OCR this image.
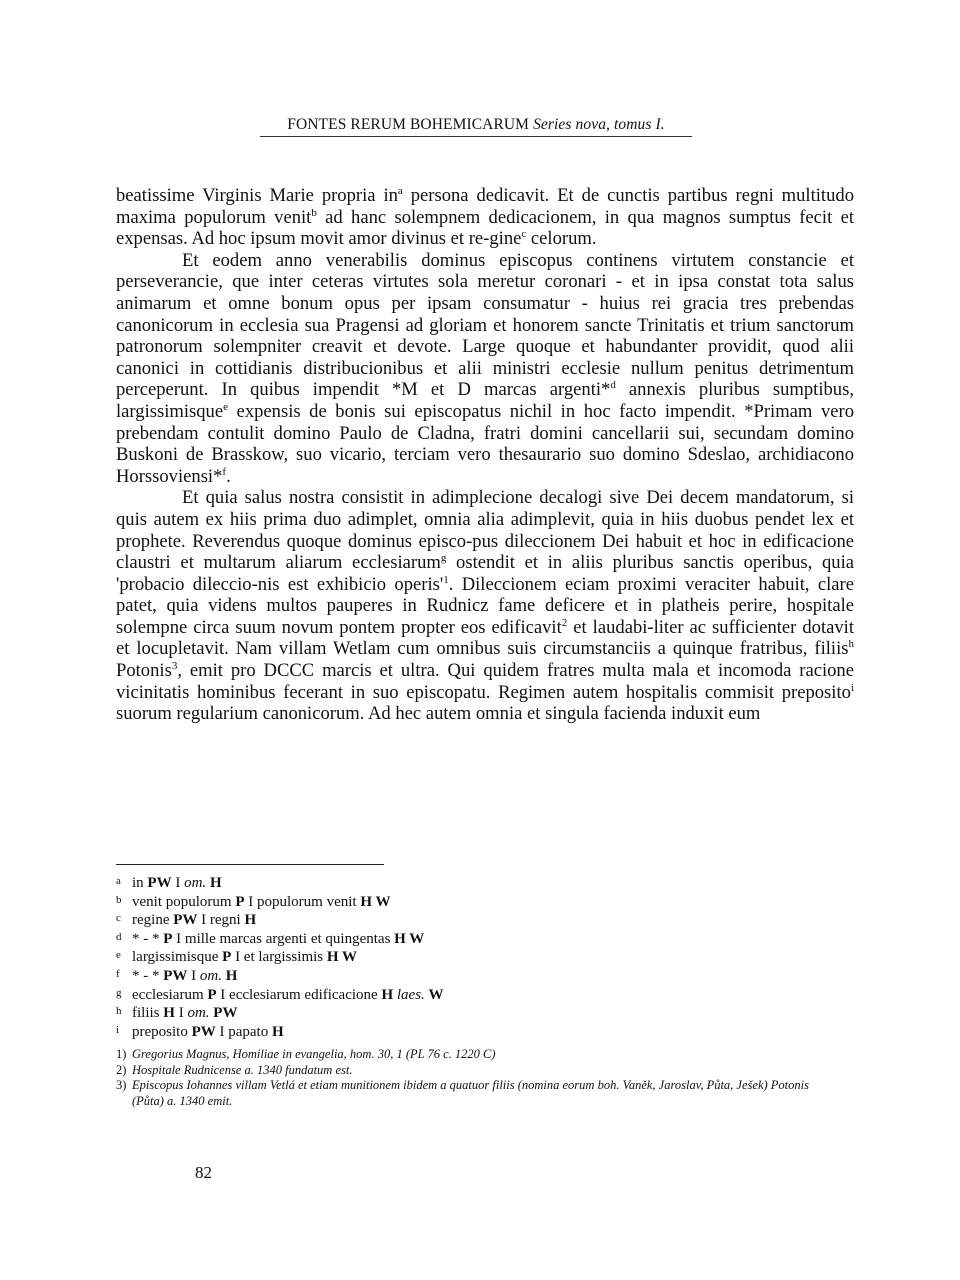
FONTES RERUM BOHEMICARUM Series nova, tomus I.

beatissime Virginis Marie propria $in^a$ persona dedicavit. Et de cunctis partibus regni multitudo maxima populorum venit$^b$ ad hanc solempnem dedicacionem, in qua magnos sumptus fecit et expensas. Ad hoc ipsum movit amor divinus et re-gine$^c$ celorum.

Et eodem anno venerabilis dominus episcopus continens virtutem constancie et perseverancie, que inter ceteras virtutes sola meretur coronari - et in ipsa constat tota salus animarum et omne bonum opus per ipsam consumatur - huius rei gracia tres prebendas canonicorum in ecclesia sua Pragensi ad gloriam et honorem sancte Trinitatis et trium sanctorum patronorum solempniter creavit et devote. Large quoque et habundanter providit, quod alii canonici in cottidianis distribucionibus et alii ministri ecclesie nullum penitus detrimentum perceperunt. In quibus impendit *M et D marcas argenti*$^d$ annexis pluribus sumptibus, largissimisque$^e$ expensis de bonis sui episcopatus nichil in hoc facto impendit. *Primam vero prebendam contulit domino Paulo de Cladna, fratri domini cancellarii sui, secundam domino Buskoni de Brasskow, suo vicario, terciam vero thesaurario suo domino Sdeslao, archidiacono Horssoviensi*$^f$.

Et quia salus nostra consistit in adimplecione decalogi sive Dei decem mandatorum, si quis autem ex hiis prima duo adimplet, omnia alia adimplevit, quia in hiis duobus pendet lex et prophete. Reverendus quoque dominus episco-pus dileccionem Dei habuit et hoc in edificacione claustri et multarum aliarum ecclesiarum$^g$ ostendit et in aliis pluribus sanctis operibus, quia 'probacio dileccio-nis est exhibicio $operis'^1$. Dileccionem eciam proximi veraciter habuit, clare patet, quia videns multos pauperes in Rudnicz fame deficere et in platheis perire, hospitale solempne circa suum novum pontem propter eos edificavit$^2$ et laudabi-liter ac sufficienter dotavit et locupletavit. Nam villam Wetlam cum omnibus suis circumstanciis a quinque fratribus, filiis$^h$ Potonis$^3$, emit pro DCCC marcis et ultra. Qui quidem fratres multa mala et incomoda racione vicinitatis hominibus fecerant in suo episcopatu. Regimen autem hospitalis commisit preposito$^i$ suorum regularium canonicorum. Ad hec autem omnia et singula facienda induxit eum

a in PW I om. H
b venit populorum P I populorum venit H W
c regine PW I regni H
d * - * P I mille marcas argenti et quingentas H W
e largissimisque P I et largissimis H W
f * - * PW I om. H
g ecclesiarum P I ecclesiarum edificacione H laes. W
h filiis H I om. PW
i preposito PW I papato H
1) Gregorius Magnus, Homiliae in evangelia, hom. 30, 1 (PL 76 c. 1220 C)
2) Hospitale Rudnicense a. 1340 fundatum est.
3) Episcopus Iohannes villam Vetlá et etiam munitionem ibidem a quatuor filiis (nomina eorum boh. Vaněk, Jaroslav, Půta, Ješek) Potonis (Půta) a. 1340 emit.
82
